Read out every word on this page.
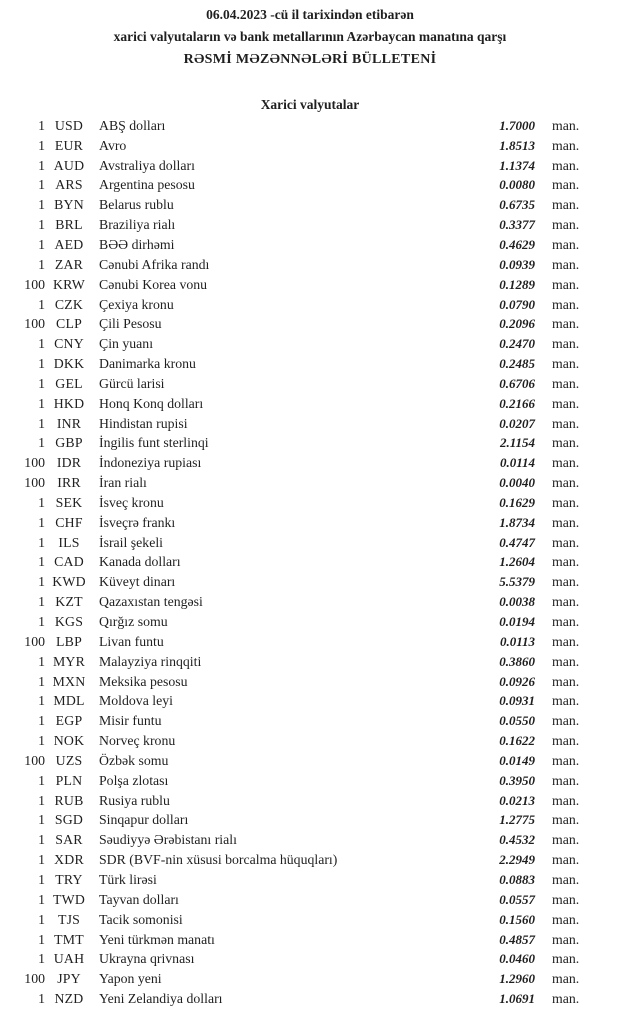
06.04.2023 -cü il tarixindən etibarən
xarici valyutaların və bank metallarının Azərbaycan manatına qarşı
RƏSMİ MƏZƏNNƏLƏRİ BÜLLETENİ
Xarici valyutalar
1 USD	ABŞ dolları	1.7000	man.
1 EUR	Avro	1.8513	man.
1 AUD	Avstraliya dolları	1.1374	man.
1 ARS	Argentina pesosu	0.0080	man.
1 BYN	Belarus rublu	0.6735	man.
1 BRL	Braziliya rialı	0.3377	man.
1 AED	BƏƏ dirhəmi	0.4629	man.
1 ZAR	Cənubi Afrika randı	0.0939	man.
100 KRW	Cənubi Korea vonu	0.1289	man.
1 CZK	Çexiya kronu	0.0790	man.
100 CLP	Çili Pesosu	0.2096	man.
1 CNY	Çin yuanı	0.2470	man.
1 DKK	Danimarka kronu	0.2485	man.
1 GEL	Gürcü larisi	0.6706	man.
1 HKD	Honq Konq dolları	0.2166	man.
1 INR	Hindistan rupisi	0.0207	man.
1 GBP	İngilis funt sterlinqi	2.1154	man.
100 IDR	İndoneziya rupiası	0.0114	man.
100 IRR	İran rialı	0.0040	man.
1 SEK	İsveç kronu	0.1629	man.
1 CHF	İsveçrə frankı	1.8734	man.
1 ILS	İsrail şekeli	0.4747	man.
1 CAD	Kanada dolları	1.2604	man.
1 KWD Küveyt dinarı	5.5379	man.
1 KZT	Qazaxıstan tengəsi	0.0038	man.
1 KGS	Qırğız somu	0.0194	man.
100 LBP	Livan funtu	0.0113	man.
1 MYR	Malayziya rinqqiti	0.3860	man.
1 MXN Meksika pesosu	0.0926	man.
1 MDL	Moldova leyi	0.0931	man.
1 EGP	Misir funtu	0.0550	man.
1 NOK	Norveç kronu	0.1622	man.
100 UZS	Özbək somu	0.0149	man.
1 PLN	Polşa zlotası	0.3950	man.
1 RUB	Rusiya rublu	0.0213	man.
1 SGD	Sinqapur dolları	1.2775	man.
1 SAR	Səudiyyə Ərəbistanı rialı	0.4532	man.
1 XDR	SDR (BVF-nin xüsusi borcalma hüquqları)	2.2949	man.
1 TRY	Türk lirəsi	0.0883	man.
1 TWD	Tayvan dolları	0.0557	man.
1 TJS	Tacik somonisi	0.1560	man.
1 TMT	Yeni türkmən manatı	0.4857	man.
1 UAH	Ukrayna qrivnası	0.0460	man.
100 JPY	Yapon yeni	1.2960	man.
1 NZD	Yeni Zelandiya dolları	1.0691	man.
